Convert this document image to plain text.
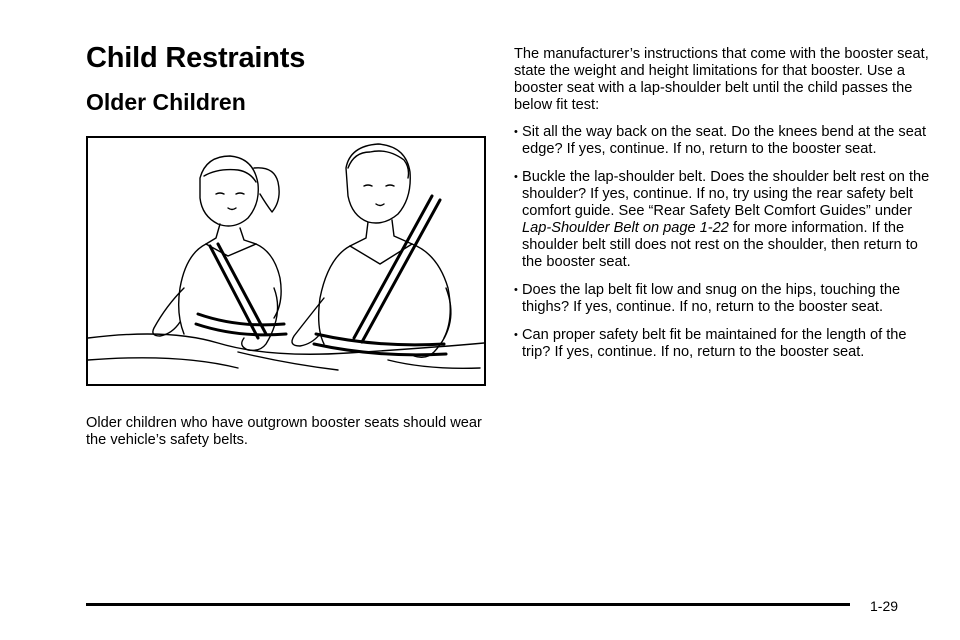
Child Restraints
Older Children

Older children who have outgrown booster seats should wear the vehicle’s safety belts.

The manufacturer’s instructions that come with the booster seat, state the weight and height limitations for that booster. Use a booster seat with a lap-shoulder belt until the child passes the below fit test:

• Sit all the way back on the seat. Do the knees bend at the seat edge? If yes, continue. If no, return to the booster seat.
• Buckle the lap-shoulder belt. Does the shoulder belt rest on the shoulder? If yes, continue. If no, try using the rear safety belt comfort guide. See “Rear Safety Belt Comfort Guides” under Lap-Shoulder Belt on page 1-22 for more information. If the shoulder belt still does not rest on the shoulder, then return to the booster seat.
• Does the lap belt fit low and snug on the hips, touching the thighs? If yes, continue. If no, return to the booster seat.
• Can proper safety belt fit be maintained for the length of the trip? If yes, continue. If no, return to the booster seat.
1-29
